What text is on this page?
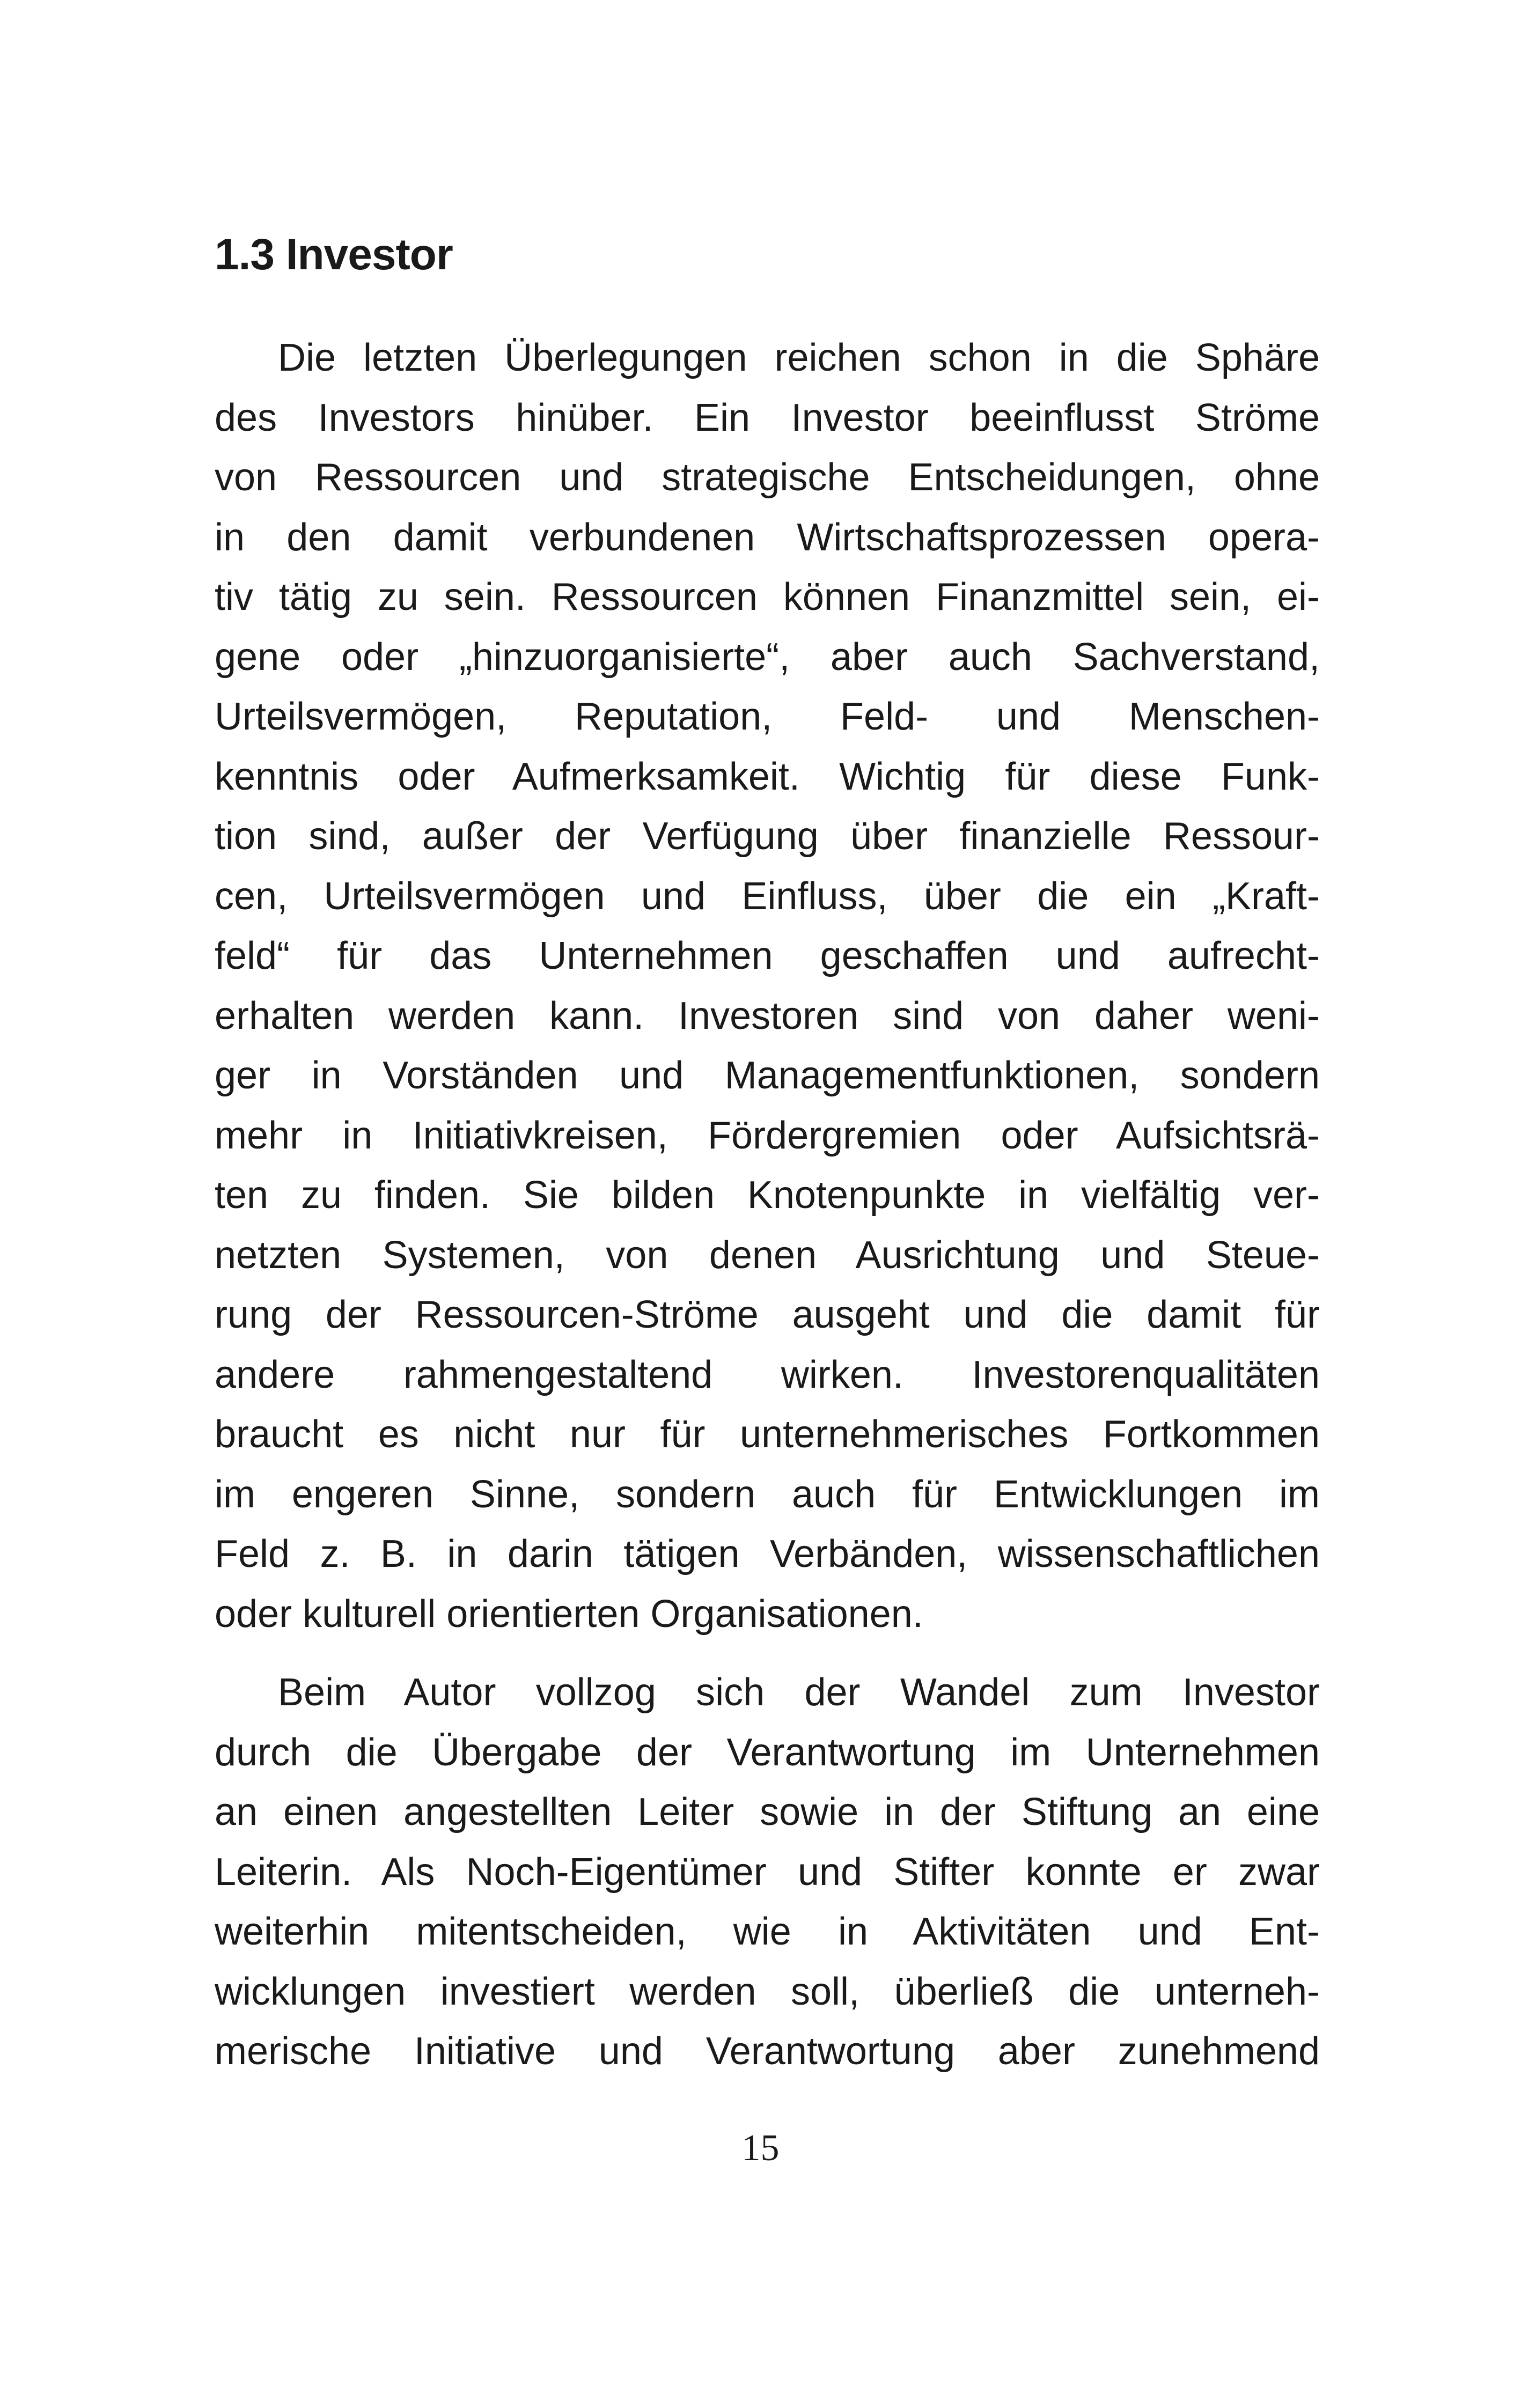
1.3 Investor

Die letzten Überlegungen reichen schon in die Sphäre
des Investors hinüber. Ein Investor beeinflusst Ströme
von Ressourcen und strategische Entscheidungen, ohne
in den damit verbundenen Wirtschaftsprozessen opera-
tiv tätig zu sein. Ressourcen können Finanzmittel sein, ei-
gene oder „hinzuorganisierte“, aber auch Sachverstand,
Urteilsvermögen, Reputation, Feld- und Menschen-
kenntnis oder Aufmerksamkeit. Wichtig für diese Funk-
tion sind, außer der Verfügung über finanzielle Ressour-
cen, Urteilsvermögen und Einfluss, über die ein „Kraft-
feld“ für das Unternehmen geschaffen und aufrecht-
erhalten werden kann. Investoren sind von daher weni-
ger in Vorständen und Managementfunktionen, sondern
mehr in Initiativkreisen, Fördergremien oder Aufsichtsrä-
ten zu finden. Sie bilden Knotenpunkte in vielfältig ver-
netzten Systemen, von denen Ausrichtung und Steue-
rung der Ressourcen-Ströme ausgeht und die damit für
andere rahmengestaltend wirken. Investorenqualitäten
braucht es nicht nur für unternehmerisches Fortkommen
im engeren Sinne, sondern auch für Entwicklungen im
Feld z. B. in darin tätigen Verbänden, wissenschaftlichen
oder kulturell orientierten Organisationen.

Beim Autor vollzog sich der Wandel zum Investor
durch die Übergabe der Verantwortung im Unternehmen
an einen angestellten Leiter sowie in der Stiftung an eine
Leiterin. Als Noch-Eigentümer und Stifter konnte er zwar
weiterhin mitentscheiden, wie in Aktivitäten und Ent-
wicklungen investiert werden soll, überließ die unterneh-
merische Initiative und Verantwortung aber zunehmend

15
